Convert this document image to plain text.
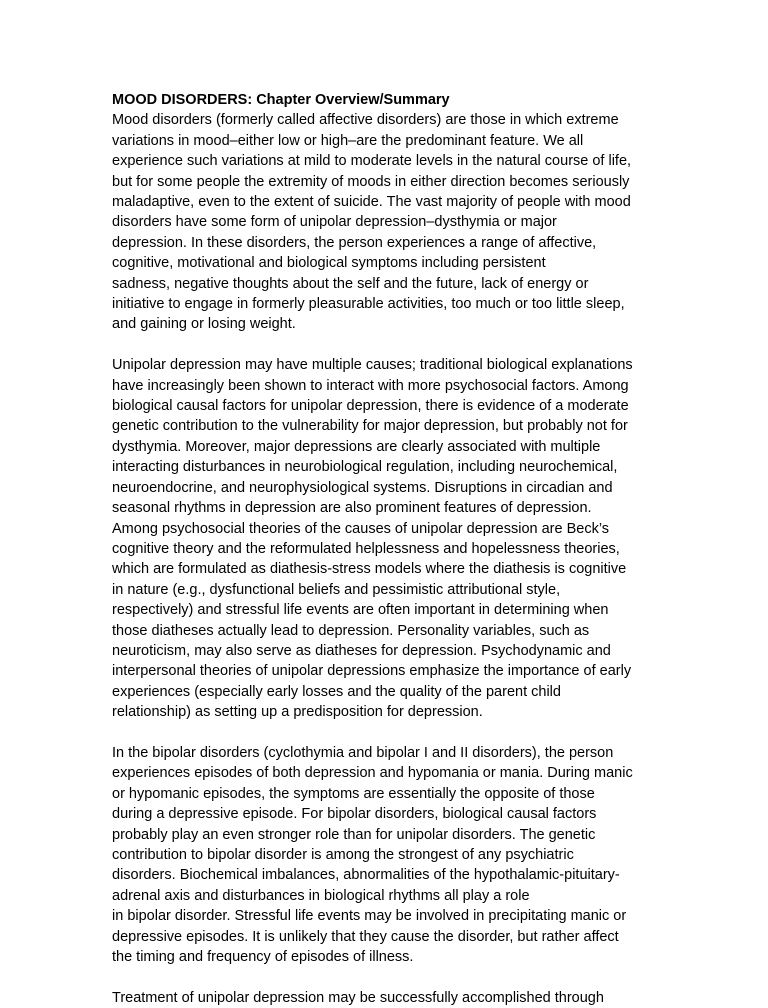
MOOD DISORDERS: Chapter Overview/Summary

Mood disorders (formerly called affective disorders) are those in which extreme
variations in mood–either low or high–are the predominant feature. We all
experience such variations at mild to moderate levels in the natural course of life,
but for some people the extremity of moods in either direction becomes seriously
maladaptive, even to the extent of suicide. The vast majority of people with mood
disorders have some form of unipolar depression–dysthymia or major
depression. In these disorders, the person experiences a range of affective,
cognitive, motivational and biological symptoms including persistent
sadness, negative thoughts about the self and the future, lack of energy or
initiative to engage in formerly pleasurable activities, too much or too little sleep,
and gaining or losing weight.

Unipolar depression may have multiple causes; traditional biological explanations
have increasingly been shown to interact with more psychosocial factors. Among
biological causal factors for unipolar depression, there is evidence of a moderate
genetic contribution to the vulnerability for major depression, but probably not for
dysthymia. Moreover, major depressions are clearly associated with multiple
interacting disturbances in neurobiological regulation, including neurochemical,
neuroendocrine, and neurophysiological systems. Disruptions in circadian and
seasonal rhythms in depression are also prominent features of depression.
Among psychosocial theories of the causes of unipolar depression are Beck’s
cognitive theory and the reformulated helplessness and hopelessness theories,
which are formulated as diathesis-stress models where the diathesis is cognitive
in nature (e.g., dysfunctional beliefs and pessimistic attributional style,
respectively) and stressful life events are often important in determining when
those diatheses actually lead to depression. Personality variables, such as
neuroticism, may also serve as diatheses for depression. Psychodynamic and
interpersonal theories of unipolar depressions emphasize the importance of early
experiences (especially early losses and the quality of the parent child
relationship) as setting up a predisposition for depression.

In the bipolar disorders (cyclothymia and bipolar I and II disorders), the person
experiences episodes of both depression and hypomania or mania. During manic
or hypomanic episodes, the symptoms are essentially the opposite of those
during a depressive episode. For bipolar disorders, biological causal factors
probably play an even stronger role than for unipolar disorders. The genetic
contribution to bipolar disorder is among the strongest of any psychiatric
disorders. Biochemical imbalances, abnormalities of the hypothalamic-pituitary-
adrenal axis and disturbances in biological rhythms all play a role
in bipolar disorder. Stressful life events may be involved in precipitating manic or
depressive episodes. It is unlikely that they cause the disorder, but rather affect
the timing and frequency of episodes of illness.

Treatment of unipolar depression may be successfully accomplished through
